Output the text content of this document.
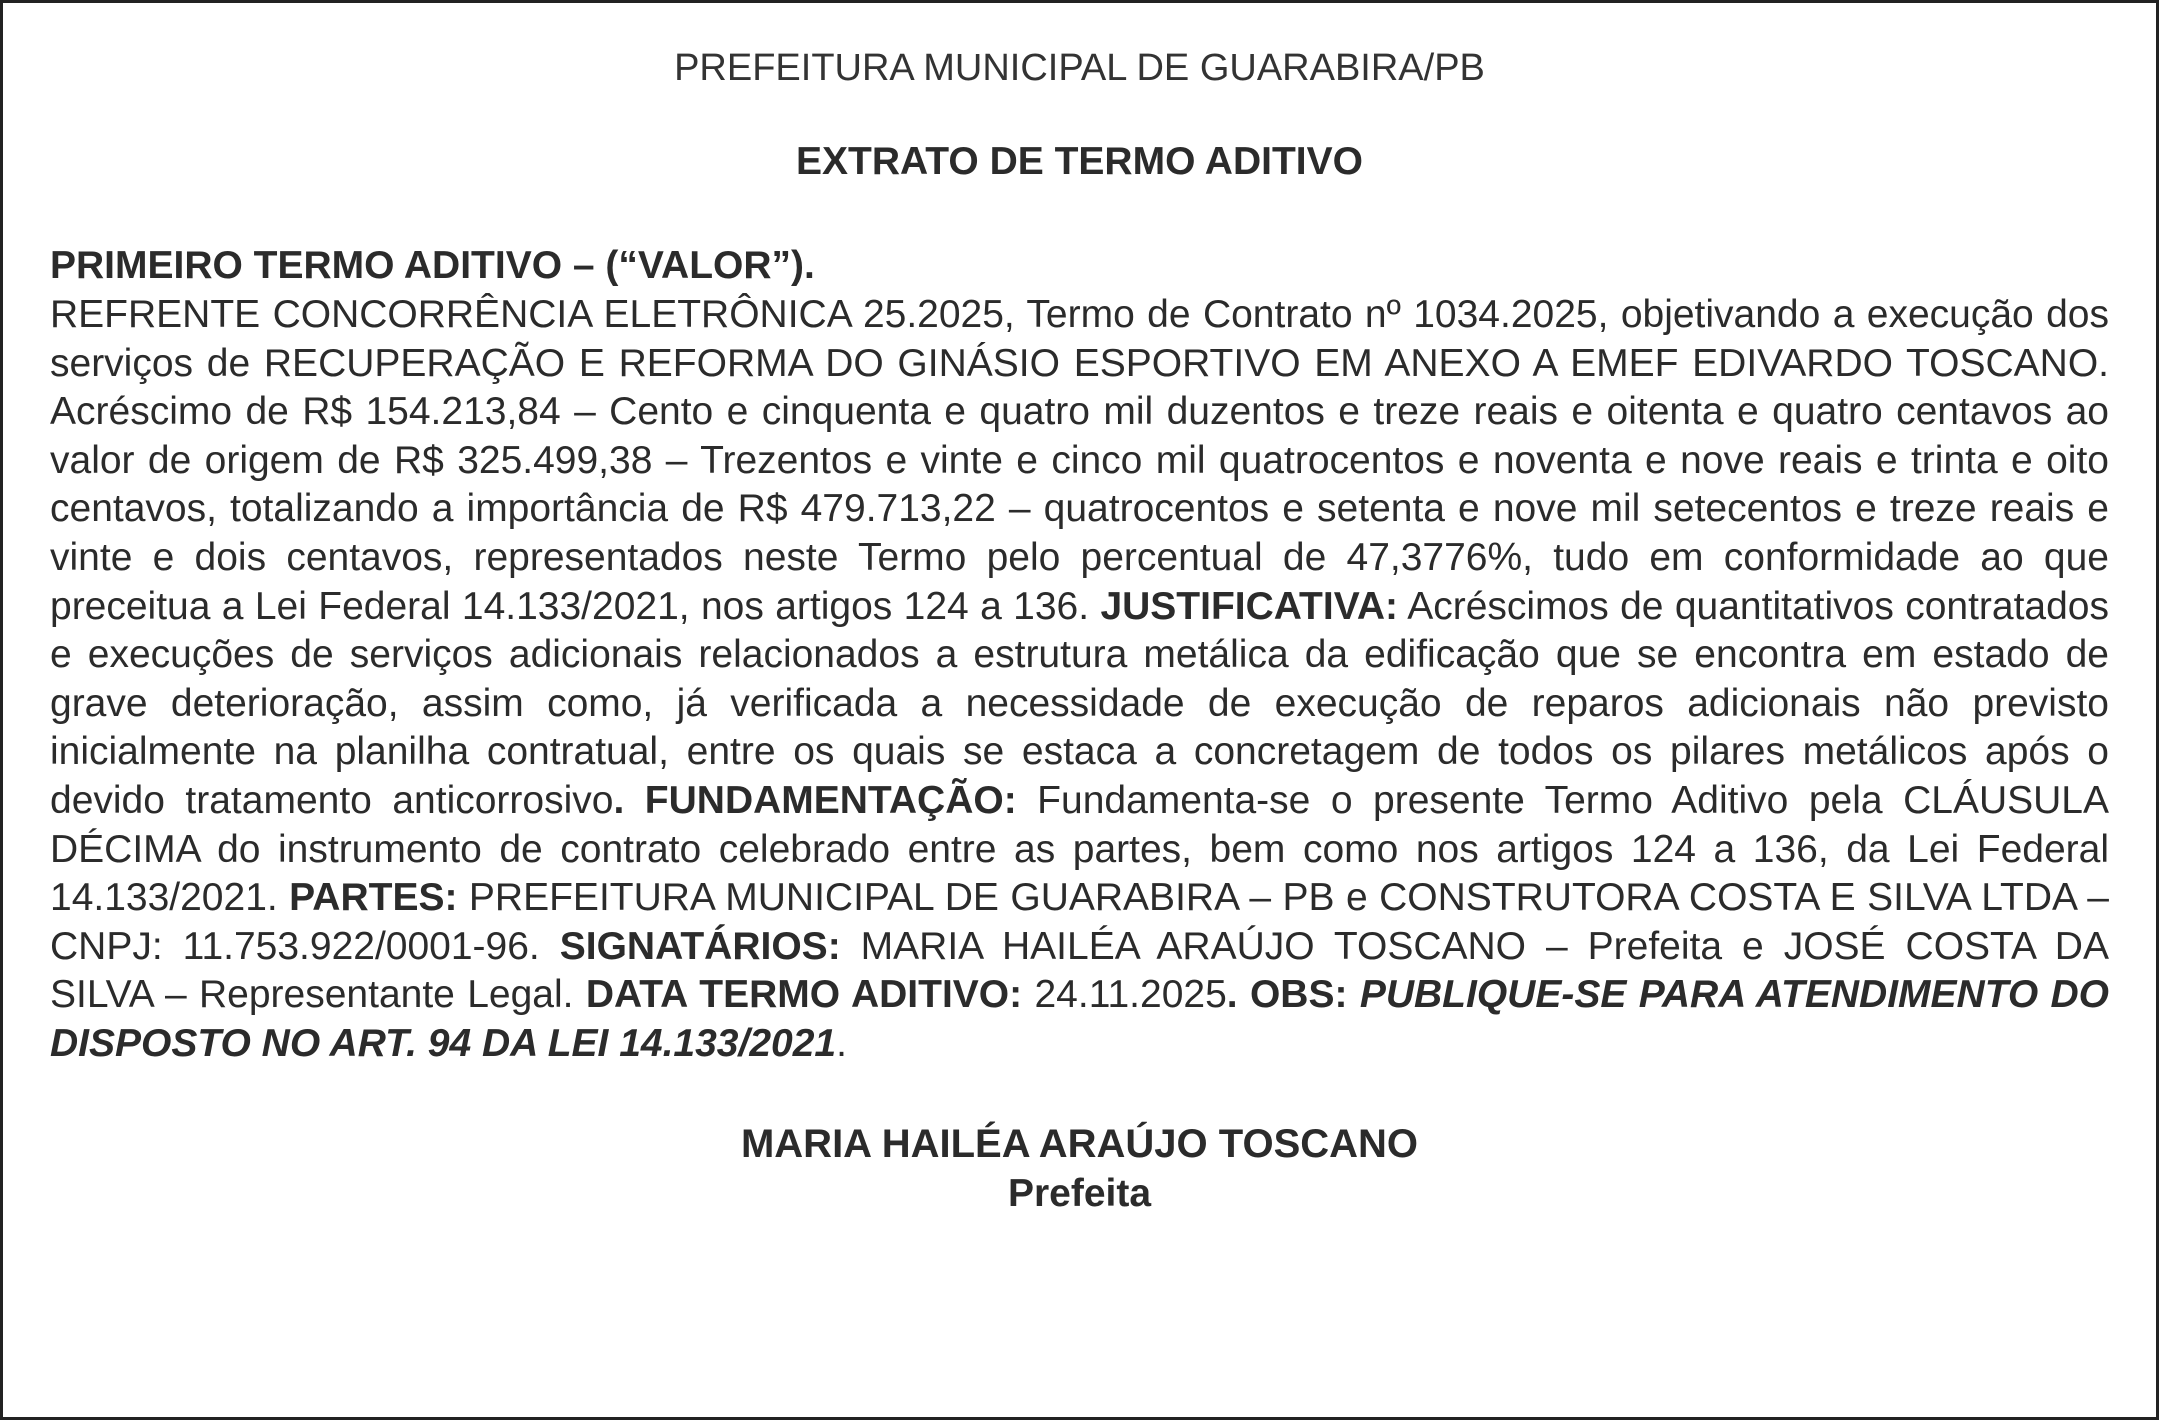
PREFEITURA MUNICIPAL DE GUARABIRA/PB
EXTRATO DE TERMO ADITIVO
PRIMEIRO TERMO ADITIVO – (“VALOR”).

REFRENTE CONCORRÊNCIA ELETRÔNICA 25.2025, Termo de Contrato nº 1034.2025, objetivando a execução dos serviços de RECUPERAÇÃO E REFORMA DO GINÁSIO ESPORTIVO EM ANEXO A EMEF EDIVARDO TOSCANO. Acréscimo de R$ 154.213,84 – Cento e cinquenta e quatro mil duzentos e treze reais e oitenta e quatro centavos ao valor de origem de R$ 325.499,38 – Trezentos e vinte e cinco mil quatrocentos e noventa e nove reais e trinta e oito centavos, totalizando a importância de R$ 479.713,22 – quatrocentos e setenta e nove mil setecentos e treze reais e vinte e dois centavos, representados neste Termo pelo percentual de 47,3776%, tudo em conformidade ao que preceitua a Lei Federal 14.133/2021, nos artigos 124 a 136. JUSTIFICATIVA: Acréscimos de quantitativos contratados e execuções de serviços adicionais relacionados a estrutura metálica da edificação que se encontra em estado de grave deterioração, assim como, já verificada a necessidade de execução de reparos adicionais não previsto inicialmente na planilha contratual, entre os quais se estaca a concretagem de todos os pilares metálicos após o devido tratamento anticorrosivo. FUNDAMENTAÇÃO: Fundamenta-se o presente Termo Aditivo pela CLÁUSULA DÉCIMA do instrumento de contrato celebrado entre as partes, bem como nos artigos 124 a 136, da Lei Federal 14.133/2021. PARTES: PREFEITURA MUNICIPAL DE GUARABIRA – PB e CONSTRUTORA COSTA E SILVA LTDA – CNPJ: 11.753.922/0001-96. SIGNATÁRIOS: MARIA HAILÉA ARAÚJO TOSCANO – Prefeita e JOSÉ COSTA DA SILVA – Representante Legal. DATA TERMO ADITIVO: 24.11.2025. OBS: PUBLIQUE-SE PARA ATENDIMENTO DO DISPOSTO NO ART. 94 DA LEI 14.133/2021.

MARIA HAILÉA ARAÚJO TOSCANO
Prefeita
